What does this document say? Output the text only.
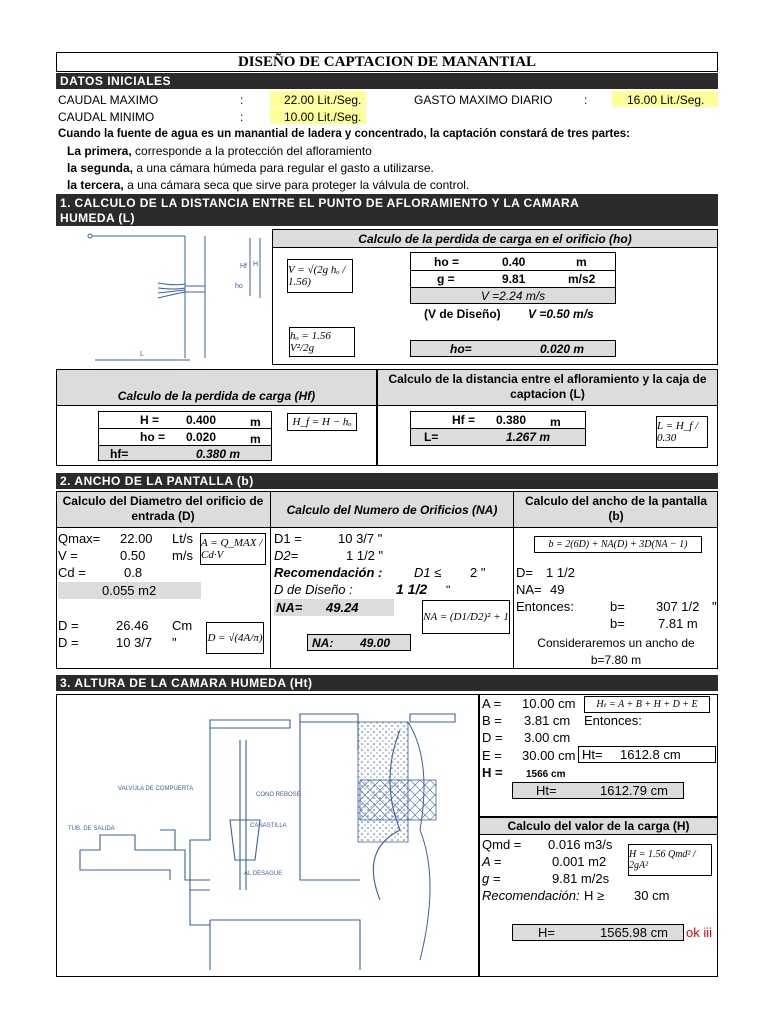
DISEÑO DE CAPTACION DE MANANTIAL
DATOS INICIALES
CAUDAL MAXIMO	:	22.00 Lit./Seg.	GASTO MAXIMO DIARIO	:	16.00 Lit./Seg.
CAUDAL MINIMO	:	10.00 Lit./Seg.
Cuando la fuente de agua es un manantial de ladera y concentrado, la captación constará de tres partes:
La primera, corresponde a la protección del afloramiento
la segunda, a una cámara húmeda para regular el gasto a utilizarse.
la tercera, a una cámara seca que sirve para proteger la válvula de control.
1. CALCULO DE LA DISTANCIA ENTRE EL PUNTO DE AFLORAMIENTO Y LA CAMARA
HUMEDA (L)
L
Hf H
ho
Calculo de la perdida de carga en el orificio (ho)
V = √(2g hₒ / 1.56)
hₒ = 1.56 V²/2g
ho =	0.40	m
g =	9.81	m/s2
V =2.24 m/s
(V de Diseño) V =0.50 m/s
ho=	0.020 m
Calculo de la perdida de carga (Hf)
Calculo de la distancia entre el afloramiento y la caja de captacion (L)
H = 0.400	m
ho = 0.020	m
hf=	0.380 m
H_f = H − hₒ	Hf = 0.380 m
L=	1.267 m
L = H_f / 0.30
2. ANCHO DE LA PANTALLA (b)
Calculo del Diametro del orificio de entrada (D)	Calculo del Numero de Orificios (NA)
Calculo del ancho de la pantalla (b)
Qmax= 22.00 Lt/s
V =	0.50 m/s
Cd =	0.8
0.055 m2
D =	26.46 Cm
D =	10 3/7 "
A = Q_MAX / Cd·V
D = √(4A/π)
D1 =	10 3/7 "
D2=	1 1/2 "
Recomendación : D1 ≤ 2 "
D de Diseño :	1 1/2 "
NA= 49.24
NA = (D1/D2)² + 1
NA: 49.00
b = 2(6D) + NA(D) + 3D(NA − 1)
D= 1 1/2
NA= 49
Entonces:	b= 307 1/2 "
b=	7.81 m
Consideraremos un ancho de
b=7.80 m
3. ALTURA DE LA CAMARA HUMEDA (Ht)
VALVULA DE COMPUERTA
TUB. DE SALIDA
CONO REBOSE
CANASTILLA
AL DESAGUE
A = 10.00 cm
B = 3.81 cm Entonces:
D = 3.00 cm
E = 30.00 cm
H = 1566 cm
Hₜ = A + B + H + D + E
Ht= 1612.8 cm
Ht=	1612.79 cm
Calculo del valor de la carga (H)
Qmd = 0.016 m3/s
A =	0.001 m2
g =	9.81 m/2s
Recomendación: H ≥ 30 cm
H = 1.56 Qmd² / 2gA²
H=	1565.98 cm ok iii
